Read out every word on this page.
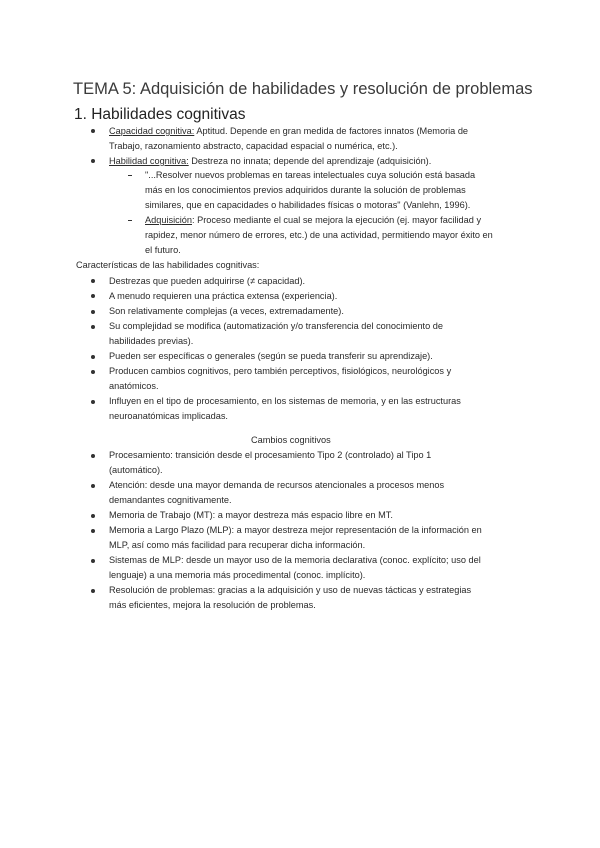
TEMA 5: Adquisición de habilidades y resolución de problemas
1. Habilidades cognitivas
Capacidad cognitiva: Aptitud. Depende en gran medida de factores innatos (Memoria de
Trabajo, razonamiento abstracto, capacidad espacial o numérica, etc.).
Habilidad cognitiva: Destreza no innata; depende del aprendizaje (adquisición).
"...Resolver nuevos problemas en tareas intelectuales cuya solución está basada
más en los conocimientos previos adquiridos durante la solución de problemas
similares, que en capacidades o habilidades físicas o motoras" (Vanlehn, 1996).
Adquisición: Proceso mediante el cual se mejora la ejecución (ej. mayor facilidad y
rapidez, menor número de errores, etc.) de una actividad, permitiendo mayor éxito en
el futuro.
Características de las habilidades cognitivas:
Destrezas que pueden adquirirse (≠ capacidad).
A menudo requieren una práctica extensa (experiencia).
Son relativamente complejas (a veces, extremadamente).
Su complejidad se modifica (automatización y/o transferencia del conocimiento de
habilidades previas).
Pueden ser específicas o generales (según se pueda transferir su aprendizaje).
Producen cambios cognitivos, pero también perceptivos, fisiológicos, neurológicos y
anatómicos.
Influyen en el tipo de procesamiento, en los sistemas de memoria, y en las estructuras
neuroanatómicas implicadas.
Cambios cognitivos
Procesamiento: transición desde el procesamiento Tipo 2 (controlado) al Tipo 1
(automático).
Atención: desde una mayor demanda de recursos atencionales a procesos menos
demandantes cognitivamente.
Memoria de Trabajo (MT): a mayor destreza más espacio libre en MT.
Memoria a Largo Plazo (MLP): a mayor destreza mejor representación de la información en
MLP, así como más facilidad para recuperar dicha información.
Sistemas de MLP: desde un mayor uso de la memoria declarativa (conoc. explícito; uso del
lenguaje) a una memoria más procedimental (conoc. implícito).
Resolución de problemas: gracias a la adquisición y uso de nuevas tácticas y estrategias
más eficientes, mejora la resolución de problemas.
